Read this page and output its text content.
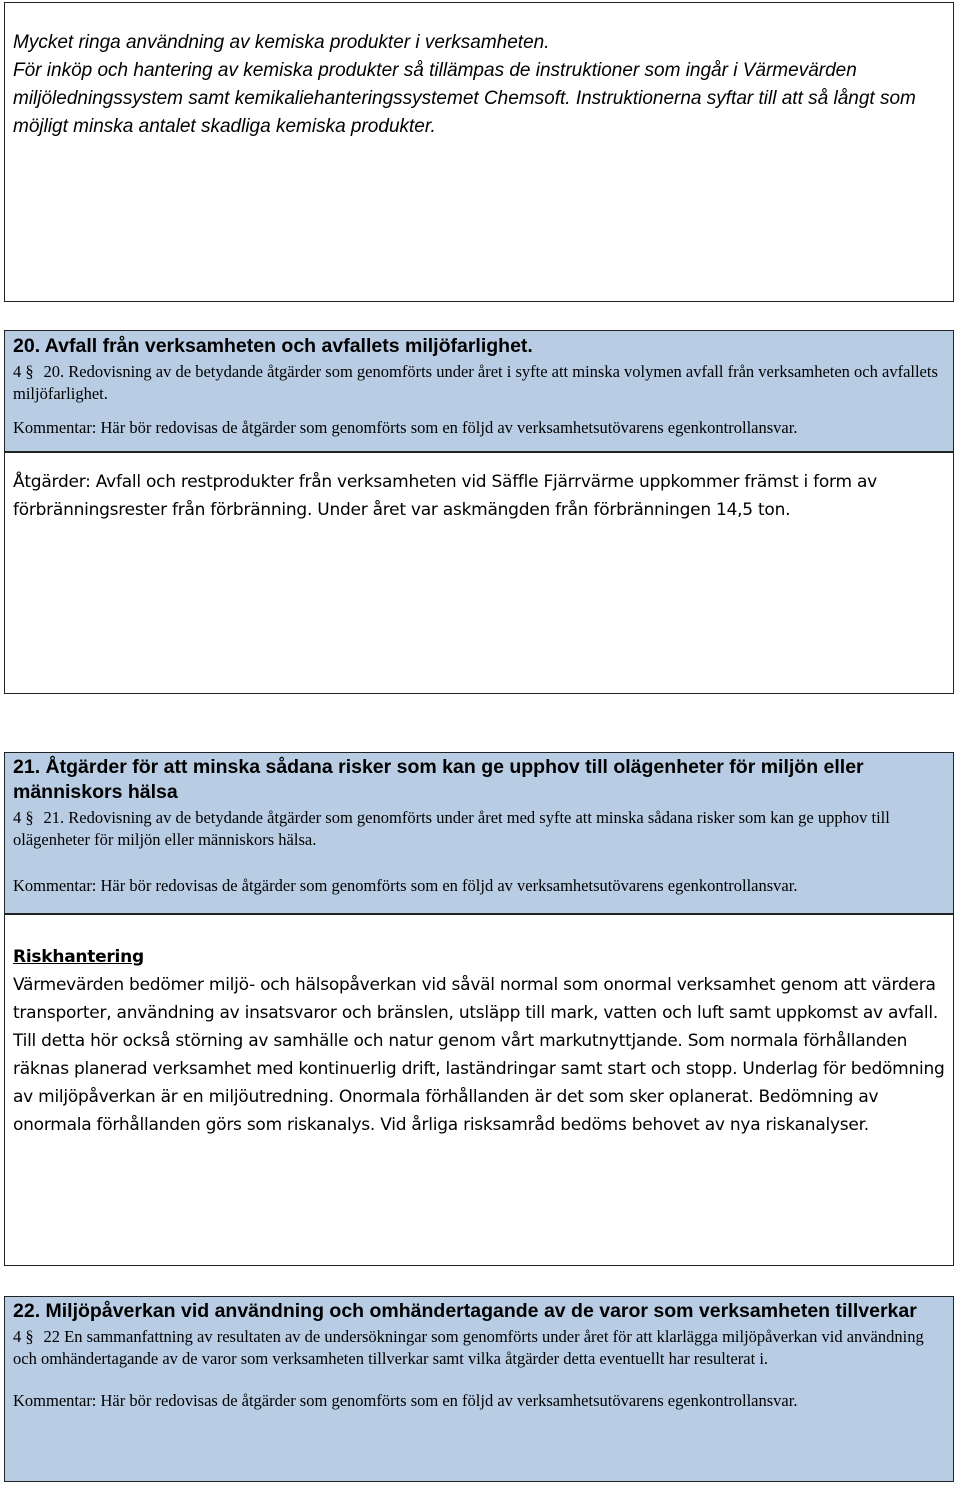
Mycket ringa användning av kemiska produkter i verksamheten.

För inköp och hantering av kemiska produkter så tillämpas de instruktioner som ingår i Värmevärden miljöledningssystem samt kemikaliehanteringssystemet Chemsoft. Instruktionerna syftar till att så långt som möjligt minska antalet skadliga kemiska produkter.

20. Avfall från verksamheten och avfallets miljöfarlighet.

4 § 20. Redovisning av de betydande åtgärder som genomförts under året i syfte att minska volymen avfall från verksamheten och avfallets miljöfarlighet.

Kommentar: Här bör redovisas de åtgärder som genomförts som en följd av verksamhetsutövarens egenkontrollansvar.

Åtgärder: Avfall och restprodukter från verksamheten vid Säffle Fjärrvärme uppkommer främst i form av förbränningsrester från förbränning. Under året var askmängden från förbränningen 14,5 ton.

21. Åtgärder för att minska sådana risker som kan ge upphov till olägenheter för miljön eller människors hälsa

4 § 21. Redovisning av de betydande åtgärder som genomförts under året med syfte att minska sådana risker som kan ge upphov till olägenheter för miljön eller människors hälsa.

Kommentar: Här bör redovisas de åtgärder som genomförts som en följd av verksamhetsutövarens egenkontrollansvar.

Riskhantering

Värmevärden bedömer miljö- och hälsopåverkan vid såväl normal som onormal verksamhet genom att värdera transporter, användning av insatsvaror och bränslen, utsläpp till mark, vatten och luft samt uppkomst av avfall. Till detta hör också störning av samhälle och natur genom vårt markutnyttjande. Som normala förhållanden räknas planerad verksamhet med kontinuerlig drift, laständringar samt start och stopp. Underlag för bedömning av miljöpåverkan är en miljöutredning. Onormala förhållanden är det som sker oplanerat. Bedömning av onormala förhållanden görs som riskanalys. Vid årliga risksamråd bedöms behovet av nya riskanalyser.

22. Miljöpåverkan vid användning och omhändertagande av de varor som verksamheten tillverkar

4 § 22 En sammanfattning av resultaten av de undersökningar som genomförts under året för att klarlägga miljöpåverkan vid användning och omhändertagande av de varor som verksamheten tillverkar samt vilka åtgärder detta eventuellt har resulterat i.

Kommentar: Här bör redovisas de åtgärder som genomförts som en följd av verksamhetsutövarens egenkontrollansvar.
